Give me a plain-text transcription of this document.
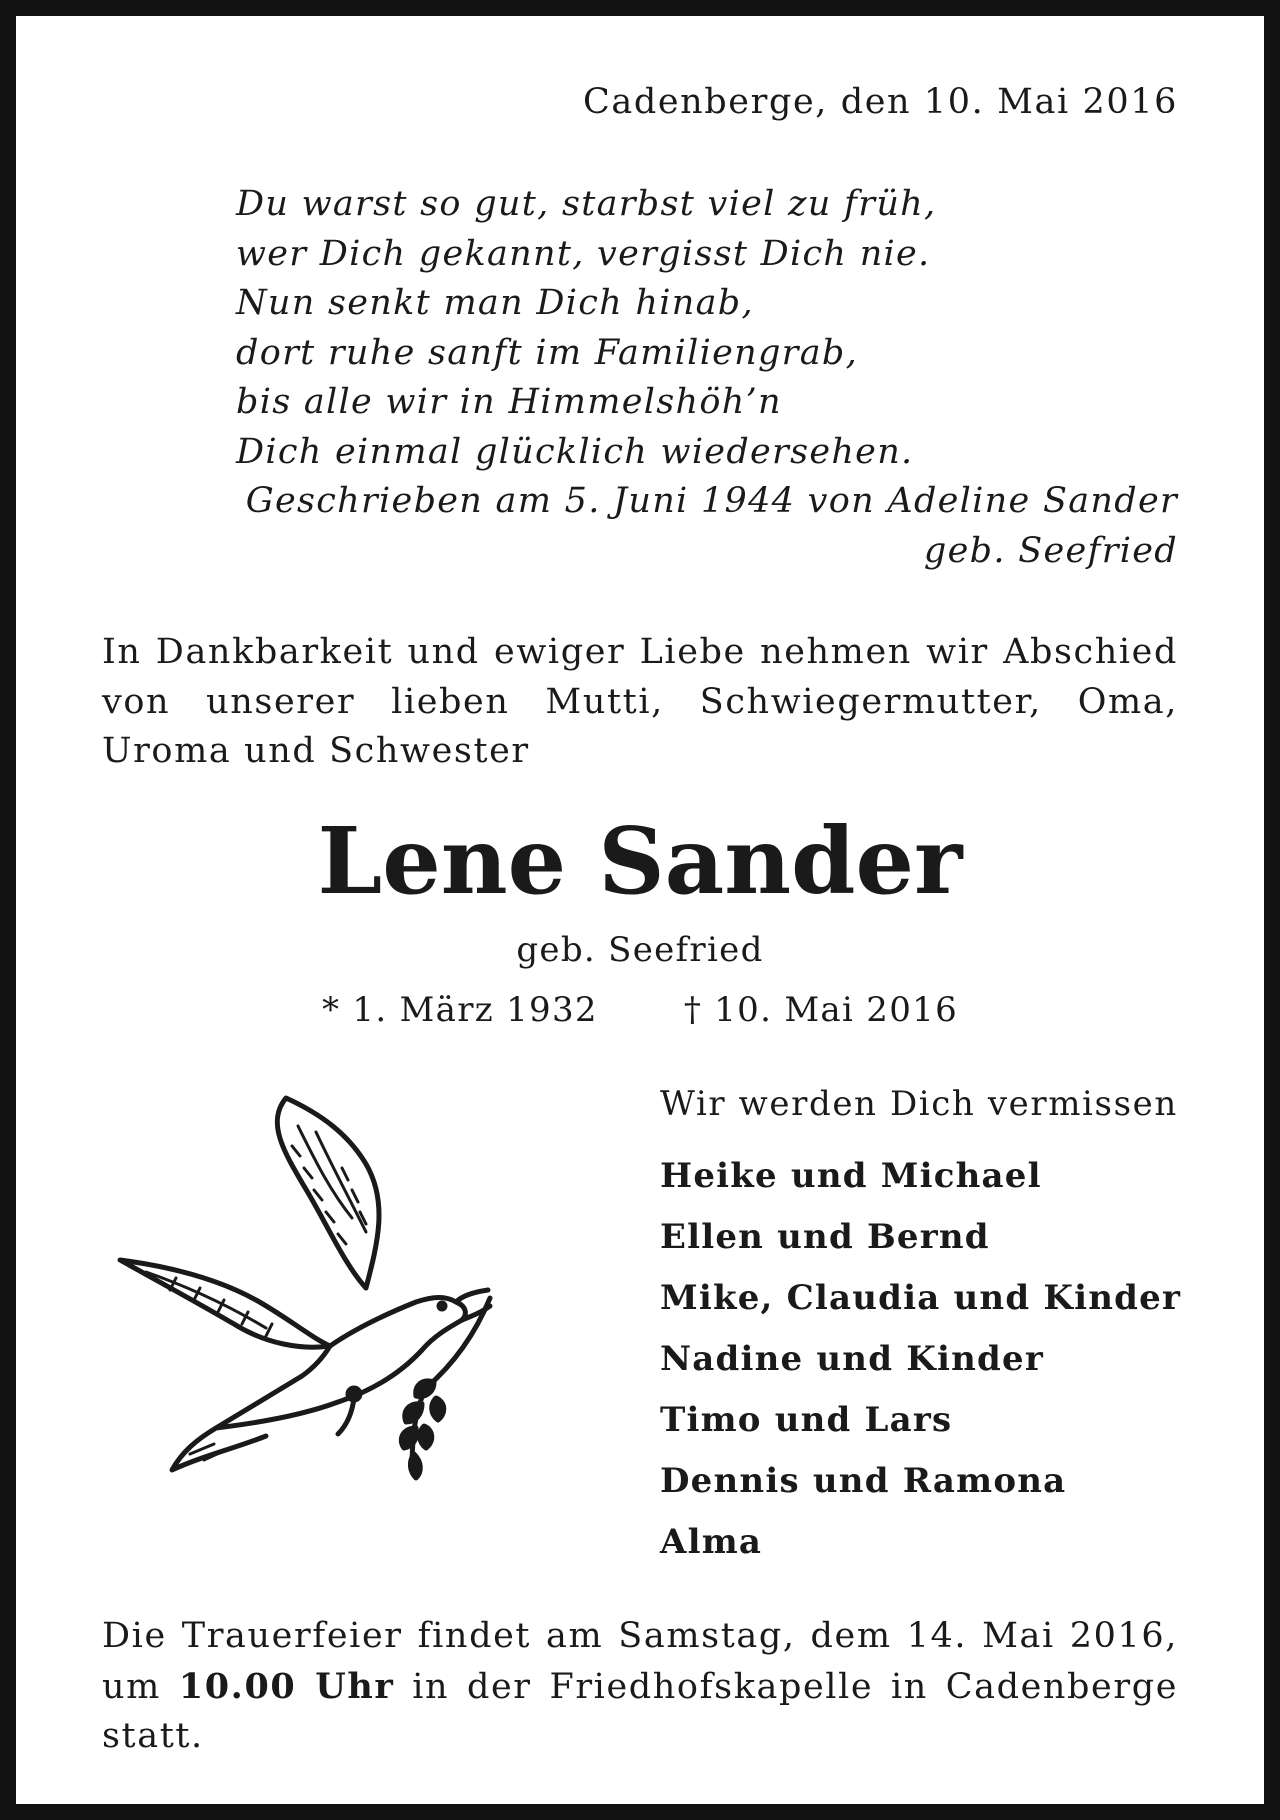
Cadenberge, den 10. Mai 2016

Du warst so gut, starbst viel zu früh,
wer Dich gekannt, vergisst Dich nie.
Nun senkt man Dich hinab,
dort ruhe sanft im Familiengrab,
bis alle wir in Himmelshöh’n
Dich einmal glücklich wiedersehen.
Geschrieben am 5. Juni 1944 von Adeline Sander
geb. Seefried

In Dankbarkeit und ewiger Liebe nehmen wir Abschied von unserer lieben Mutti, Schwiegermutter, Oma, Uroma und Schwester

Lene Sander
geb. Seefried
* 1. März 1932	† 10. Mai 2016

Wir werden Dich vermissen

Heike und Michael
Ellen und Bernd
Mike, Claudia und Kinder
Nadine und Kinder
Timo und Lars
Dennis und Ramona
Alma

Die Trauerfeier findet am Samstag, dem 14. Mai 2016, um 10.00 Uhr in der Friedhofskapelle in Cadenberge statt.
